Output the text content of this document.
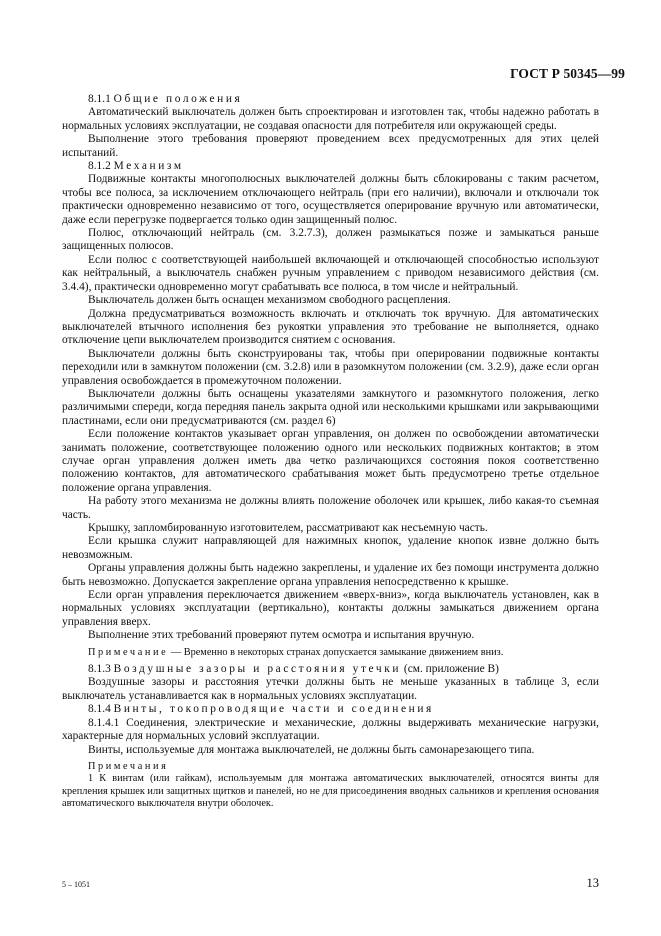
ГОСТ Р 50345—99

8.1.1 Общие положения

Автоматический выключатель должен быть спроектирован и изготовлен так, чтобы надежно работать в нормальных условиях эксплуатации, не создавая опасности для потребителя или окружающей среды.

Выполнение этого требования проверяют проведением всех предусмотренных для этих целей испытаний.

8.1.2 Механизм

Подвижные контакты многополюсных выключателей должны быть сблокированы с таким расчетом, чтобы все полюса, за исключением отключающего нейтраль (при его наличии), включали и отключали ток практически одновременно независимо от того, осуществляется оперирование вручную или автоматически, даже если перегрузке подвергается только один защищенный полюс.

Полюс, отключающий нейтраль (см. 3.2.7.3), должен размыкаться позже и замыкаться раньше защищенных полюсов.

Если полюс с соответствующей наибольшей включающей и отключающей способностью используют как нейтральный, а выключатель снабжен ручным управлением с приводом независимого действия (см. 3.4.4), практически одновременно могут срабатывать все полюса, в том числе и нейтральный.

Выключатель должен быть оснащен механизмом свободного расцепления.

Должна предусматриваться возможность включать и отключать ток вручную. Для автоматических выключателей втычного исполнения без рукоятки управления это требование не выполняется, однако отключение цепи выключателем производится снятием с основания.

Выключатели должны быть сконструированы так, чтобы при оперировании подвижные контакты переходили или в замкнутом положении (см. 3.2.8) или в разомкнутом положении (см. 3.2.9), даже если орган управления освобождается в промежуточном положении.

Выключатели должны быть оснащены указателями замкнутого и разомкнутого положения, легко различимыми спереди, когда передняя панель закрыта одной или несколькими крышками или закрывающими пластинами, если они предусматриваются (см. раздел 6)

Если положение контактов указывает орган управления, он должен по освобождении автоматически занимать положение, соответствующее положению одного или нескольких подвижных контактов; в этом случае орган управления должен иметь два четко различающихся состояния покоя соответственно положению контактов, для автоматического срабатывания может быть предусмотрено третье отдельное положение органа управления.

На работу этого механизма не должны влиять положение оболочек или крышек, либо какая-то съемная часть.

Крышку, запломбированную изготовителем, рассматривают как несъемную часть.

Если крышка служит направляющей для нажимных кнопок, удаление кнопок извне должно быть невозможным.

Органы управления должны быть надежно закреплены, и удаление их без помощи инструмента должно быть невозможно. Допускается закрепление органа управления непосредственно к крышке.

Если орган управления переключается движением «вверх-вниз», когда выключатель установлен, как в нормальных условиях эксплуатации (вертикально), контакты должны замыкаться движением органа управления вверх.

Выполнение этих требований проверяют путем осмотра и испытания вручную.

Примечание — Временно в некоторых странах допускается замыкание движением вниз.

8.1.3 Воздушные зазоры и расстояния утечки (см. приложение В)

Воздушные зазоры и расстояния утечки должны быть не меньше указанных в таблице 3, если выключатель устанавливается как в нормальных условиях эксплуатации.

8.1.4 Винты, токопроводящие части и соединения

8.1.4.1 Соединения, электрические и механические, должны выдерживать механические нагрузки, характерные для нормальных условий эксплуатации.

Винты, используемые для монтажа выключателей, не должны быть самонарезающего типа.

Примечания

1 К винтам (или гайкам), используемым для монтажа автоматических выключателей, относятся винты для крепления крышек или защитных щитков и панелей, но не для присоединения вводных сальников и крепления основания автоматического выключателя внутри оболочек.

5 – 1051	13
